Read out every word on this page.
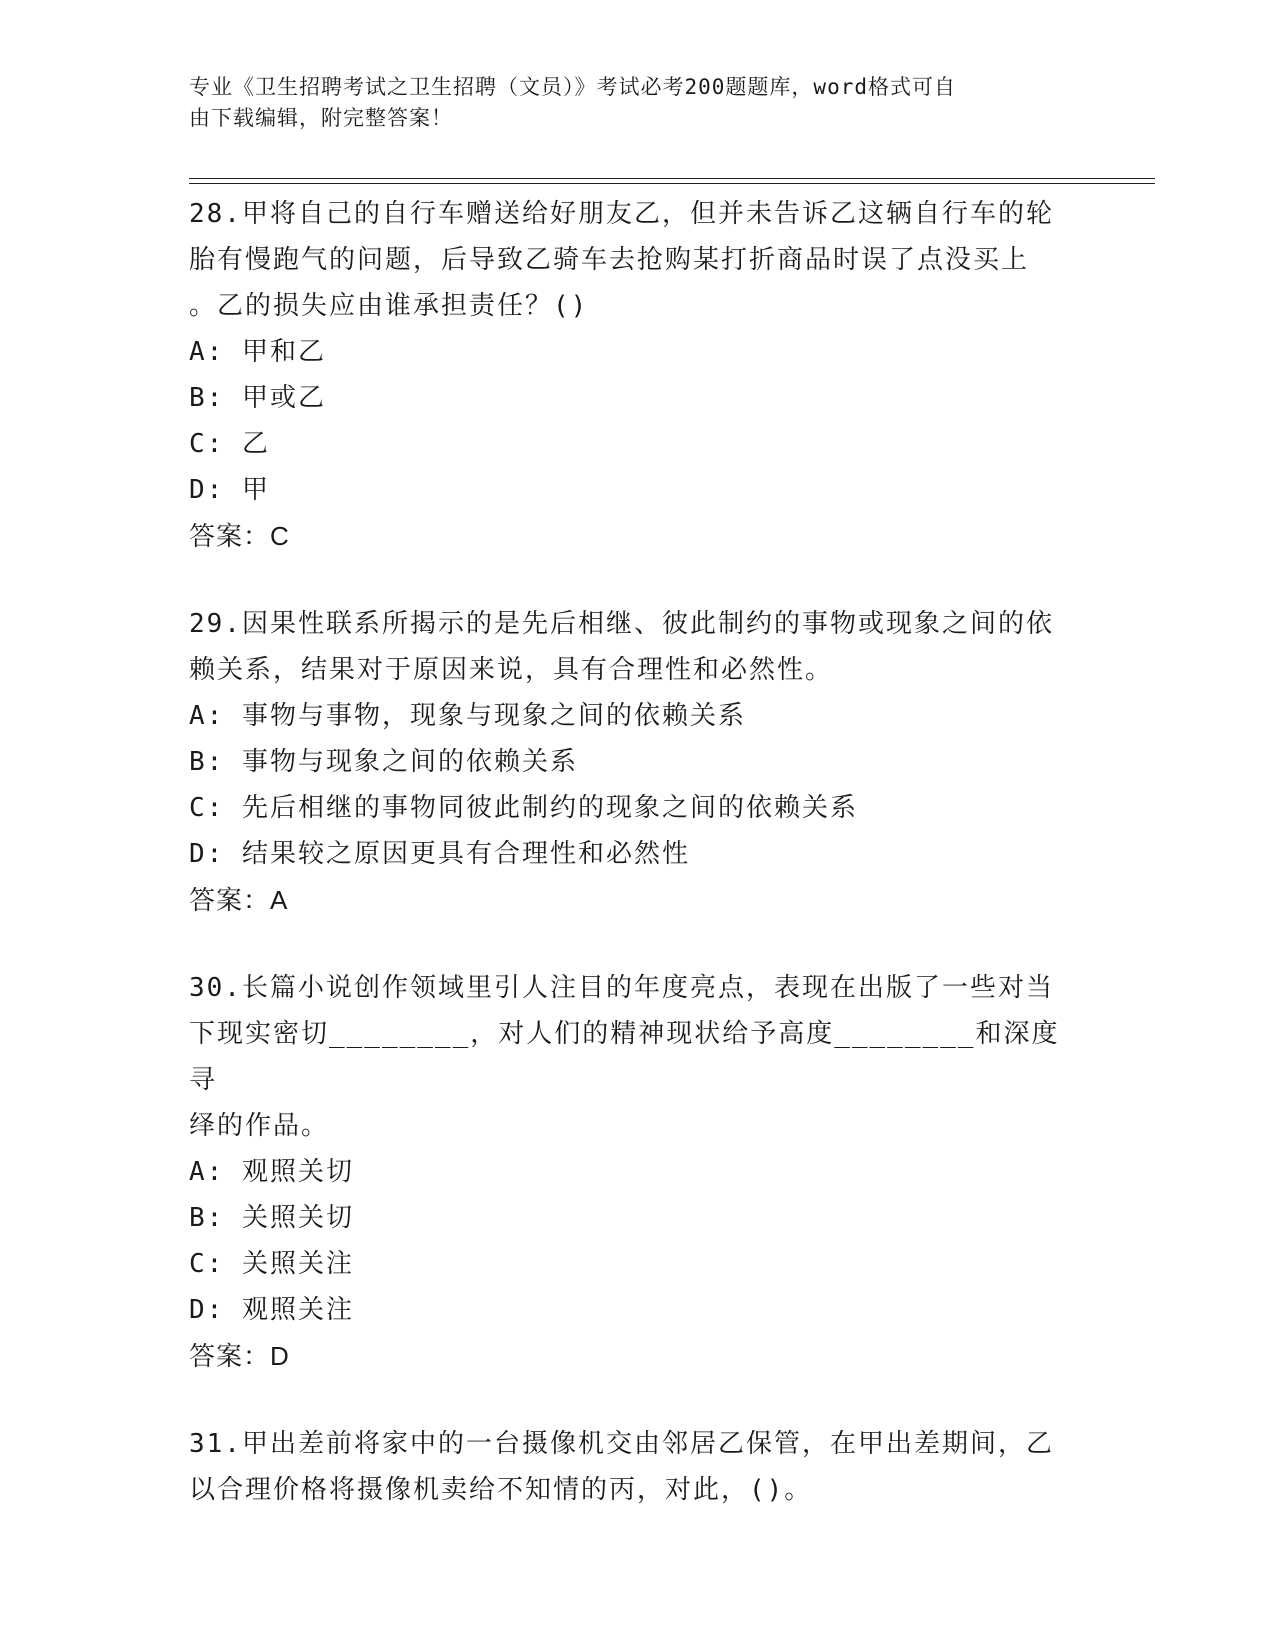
专业《卫生招聘考试之卫生招聘（文员）》考试必考200题题库，word格式可自
由下载编辑，附完整答案！

28.甲将自己的自行车赠送给好朋友乙，但并未告诉乙这辆自行车的轮

胎有慢跑气的问题，后导致乙骑车去抢购某打折商品时误了点没买上

。乙的损失应由谁承担责任？()

A: 甲和乙

B: 甲或乙

C: 乙

D: 甲

答案：C

29.因果性联系所揭示的是先后相继、彼此制约的事物或现象之间的依

赖关系，结果对于原因来说，具有合理性和必然性。

A: 事物与事物，现象与现象之间的依赖关系

B: 事物与现象之间的依赖关系

C: 先后相继的事物同彼此制约的现象之间的依赖关系

D: 结果较之原因更具有合理性和必然性

答案：A

30.长篇小说创作领域里引人注目的年度亮点，表现在出版了一些对当

下现实密切________，对人们的精神现状给予高度________和深度寻

绎的作品。

A: 观照关切

B: 关照关切

C: 关照关注

D: 观照关注

答案：D

31.甲出差前将家中的一台摄像机交由邻居乙保管，在甲出差期间，乙

以合理价格将摄像机卖给不知情的丙，对此，()。
